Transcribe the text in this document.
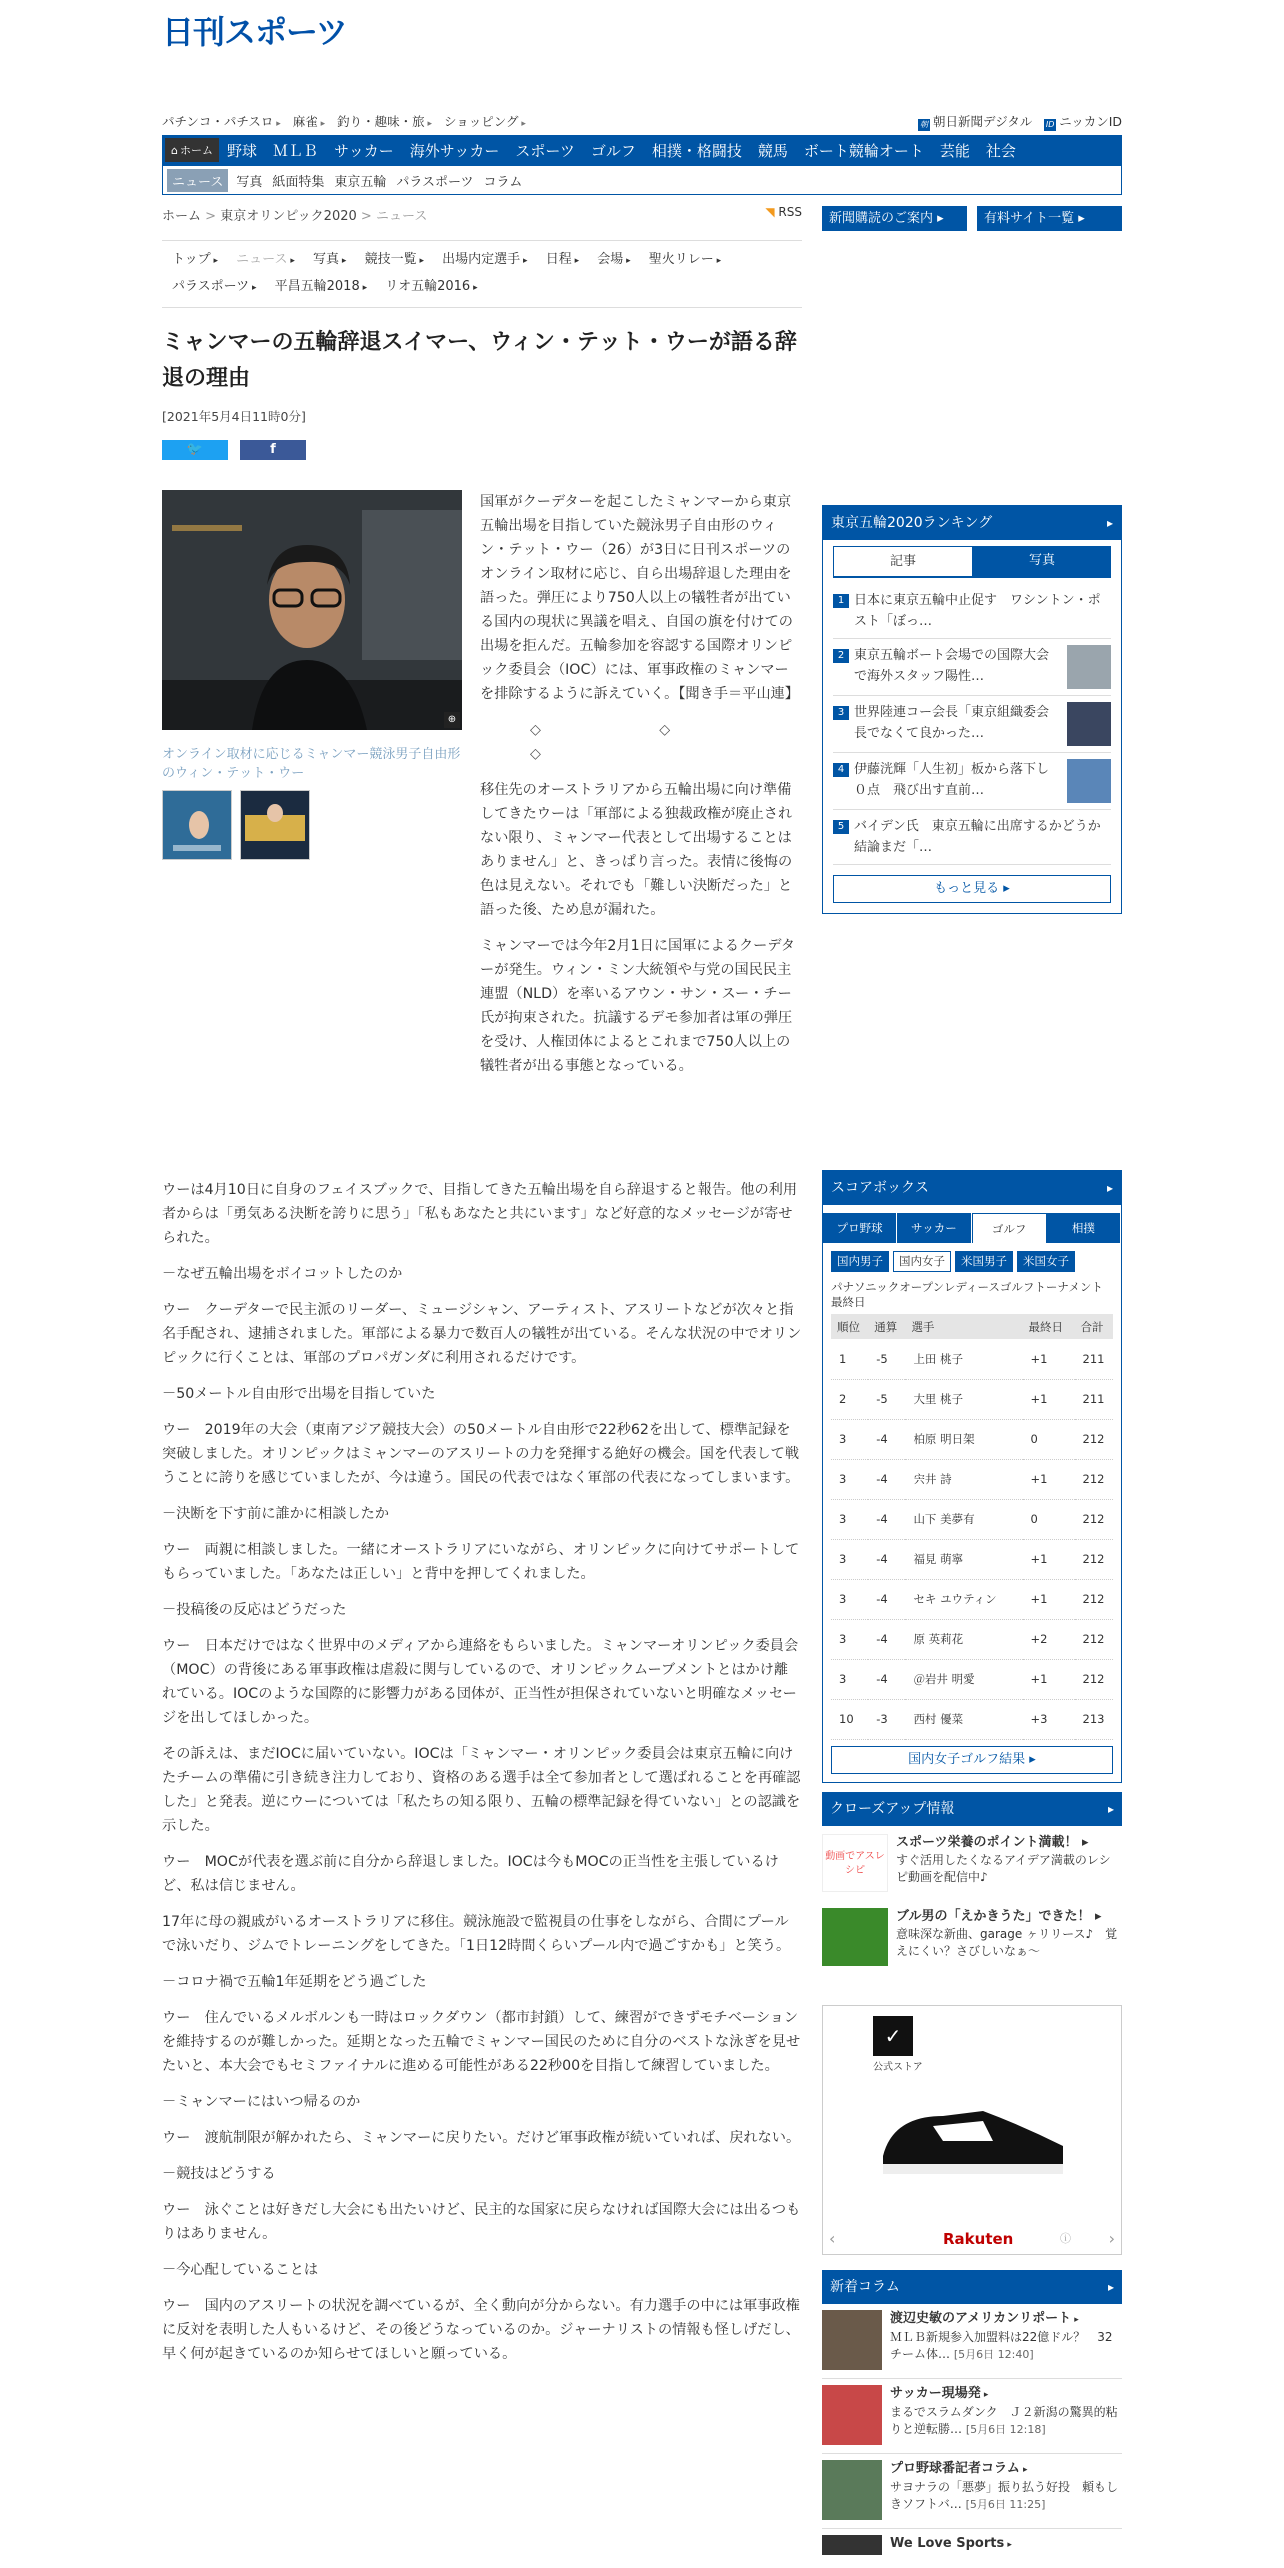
日刊スポーツ
パチンコ・パチスロ ▸ 麻雀 ▸ 釣り・趣味・旅 ▸ ショッピング ▸	朝 朝日新聞デジタル ID ニッカンID
⌂ ホーム 野球	ＭＬＢ	サッカー	海外サッカー	スポーツ	ゴルフ	相撲・格闘技	競馬	ボート競輪オート	芸能	社会
ニュース	写真 紙面特集 東京五輪 パラスポーツ コラム
ホーム > 東京オリンピック2020 > ニュース	◥ RSS
トップ ▸ ニュース ▸ 写真 ▸ 競技一覧 ▸ 出場内定選手 ▸ 日程 ▸ 会場 ▸ 聖火リレー ▸
パラスポーツ ▸ 平昌五輪2018 ▸ リオ五輪2016 ▸
ミャンマーの五輪辞退スイマー、ウィン・テット・ウーが語る辞退の理由
[2021年5月4日11時0分]
🐦	f
⊕
オンライン取材に応じるミャンマー競泳男子自由形のウィン・テット・ウー

国軍がクーデターを起こしたミャンマーから東京五輪出場を目指していた競泳男子自由形のウィン・テット・ウー（26）が3日に日刊スポーツのオンライン取材に応じ、自ら出場辞退した理由を語った。弾圧により750人以上の犠牲者が出ている国内の現状に異議を唱え、自国の旗を付けての出場を拒んだ。五輪参加を容認する国際オリンピック委員会（IOC）には、軍事政権のミャンマーを排除するように訴えていく。【聞き手＝平山連】

◇　　◇　　◇

移住先のオーストラリアから五輪出場に向け準備してきたウーは「軍部による独裁政権が廃止されない限り、ミャンマー代表として出場することはありません」と、きっぱり言った。表情に後悔の色は見えない。それでも「難しい決断だった」と語った後、ため息が漏れた。

ミャンマーでは今年2月1日に国軍によるクーデターが発生。ウィン・ミン大統領や与党の国民民主連盟（NLD）を率いるアウン・サン・スー・チー氏が拘束された。抗議するデモ参加者は軍の弾圧を受け、人権団体によるとこれまで750人以上の犠牲者が出る事態となっている。

ウーは4月10日に自身のフェイスブックで、目指してきた五輪出場を自ら辞退すると報告。他の利用者からは「勇気ある決断を誇りに思う」「私もあなたと共にいます」など好意的なメッセージが寄せられた。

－なぜ五輪出場をボイコットしたのか

ウー　クーデターで民主派のリーダー、ミュージシャン、アーティスト、アスリートなどが次々と指名手配され、逮捕されました。軍部による暴力で数百人の犠牲が出ている。そんな状況の中でオリンピックに行くことは、軍部のプロパガンダに利用されるだけです。

－50メートル自由形で出場を目指していた

ウー　2019年の大会（東南アジア競技大会）の50メートル自由形で22秒62を出して、標準記録を突破しました。オリンピックはミャンマーのアスリートの力を発揮する絶好の機会。国を代表して戦うことに誇りを感じていましたが、今は違う。国民の代表ではなく軍部の代表になってしまいます。

－決断を下す前に誰かに相談したか

ウー　両親に相談しました。一緒にオーストラリアにいながら、オリンピックに向けてサポートしてもらっていました。「あなたは正しい」と背中を押してくれました。

－投稿後の反応はどうだった

ウー　日本だけではなく世界中のメディアから連絡をもらいました。ミャンマーオリンピック委員会（MOC）の背後にある軍事政権は虐殺に関与しているので、オリンピックムーブメントとはかけ離れている。IOCのような国際的に影響力がある団体が、正当性が担保されていないと明確なメッセージを出してほしかった。

その訴えは、まだIOCに届いていない。IOCは「ミャンマー・オリンピック委員会は東京五輪に向けたチームの準備に引き続き注力しており、資格のある選手は全て参加者として選ばれることを再確認した」と発表。逆にウーについては「私たちの知る限り、五輪の標準記録を得ていない」との認識を示した。

ウー　MOCが代表を選ぶ前に自分から辞退しました。IOCは今もMOCの正当性を主張しているけど、私は信じません。

17年に母の親戚がいるオーストラリアに移住。競泳施設で監視員の仕事をしながら、合間にプールで泳いだり、ジムでトレーニングをしてきた。「1日12時間くらいプール内で過ごすかも」と笑う。

－コロナ禍で五輪1年延期をどう過ごした

ウー　住んでいるメルボルンも一時はロックダウン（都市封鎖）して、練習ができずモチベーションを維持するのが難しかった。延期となった五輪でミャンマー国民のために自分のベストな泳ぎを見せたいと、本大会でもセミファイナルに進める可能性がある22秒00を目指して練習していました。

－ミャンマーにはいつ帰るのか

ウー　渡航制限が解かれたら、ミャンマーに戻りたい。だけど軍事政権が続いていれば、戻れない。

－競技はどうする

ウー　泳ぐことは好きだし大会にも出たいけど、民主的な国家に戻らなければ国際大会には出るつもりはありません。

－今心配していることは

ウー　国内のアスリートの状況を調べているが、全く動向が分からない。有力選手の中には軍事政権に反対を表明した人もいるけど、その後どうなっているのか。ジャーナリストの情報も怪しげだし、早く何が起きているのか知らせてほしいと願っている。

新聞購読のご案内 ▸	有料サイト一覧 ▸
東京五輪2020ランキング ▸
記事	写真
1 日本に東京五輪中止促す　ワシントン・ポスト「ぼっ…
2 東京五輪ボート会場での国際大会で海外スタッフ陽性…
3 世界陸連コー会長「東京組織委会長でなくて良かった…
4 伊藤洸輝「人生初」板から落下し０点　飛び出す直前…
5 バイデン氏　東京五輪に出席するかどうか結論まだ「…
もっと見る ▸
スコアボックス ▸
プロ野球	サッカー	ゴルフ	相撲
国内男子	国内女子	米国男子	米国女子
パナソニックオープンレディースゴルフトーナメント 最終日
順位	通算	選手	最終日	合計
1	-5	上田 桃子	+1	211
2	-5	大里 桃子	+1	211
3	-4	柏原 明日架	0	212
3	-4	宍井 詩	+1	212
3	-4	山下 美夢有	0	212
3	-4	福見 萌寧	+1	212
3	-4	セキ ユウティン	+1	212
3	-4	原 英莉花	+2	212
3	-4	＠岩井 明愛	+1	212
10	-3	西村 優菜	+3	213
国内女子ゴルフ結果 ▸
クローズアップ情報 ▸
動画でアスレシピ
スポーツ栄養のポイント満載！ ▸
すぐ活用したくなるアイデア満載のレシピ動画を配信中♪
ブル男の「えかきうた」できた！ ▸
意味深な新曲、garage ヶリリース♪　覚えにくい？さびしいなぁ～
✓
公式ストア
‹	Rakuten	ⓘ ›
新着コラム ▸
渡辺史敏のアメリカンリポート ▸
ＭＬＢ新規参入加盟料は22億ドル？　32チーム体… [5月6日 12:40]
サッカー現場発 ▸
まるでスラムダンク　Ｊ２新潟の驚異的粘りと逆転勝… [5月6日 12:18]
プロ野球番記者コラム ▸
サヨナラの「悪夢」振り払う好投　頼もしきソフトバ… [5月6日 11:25]
We Love Sports ▸
